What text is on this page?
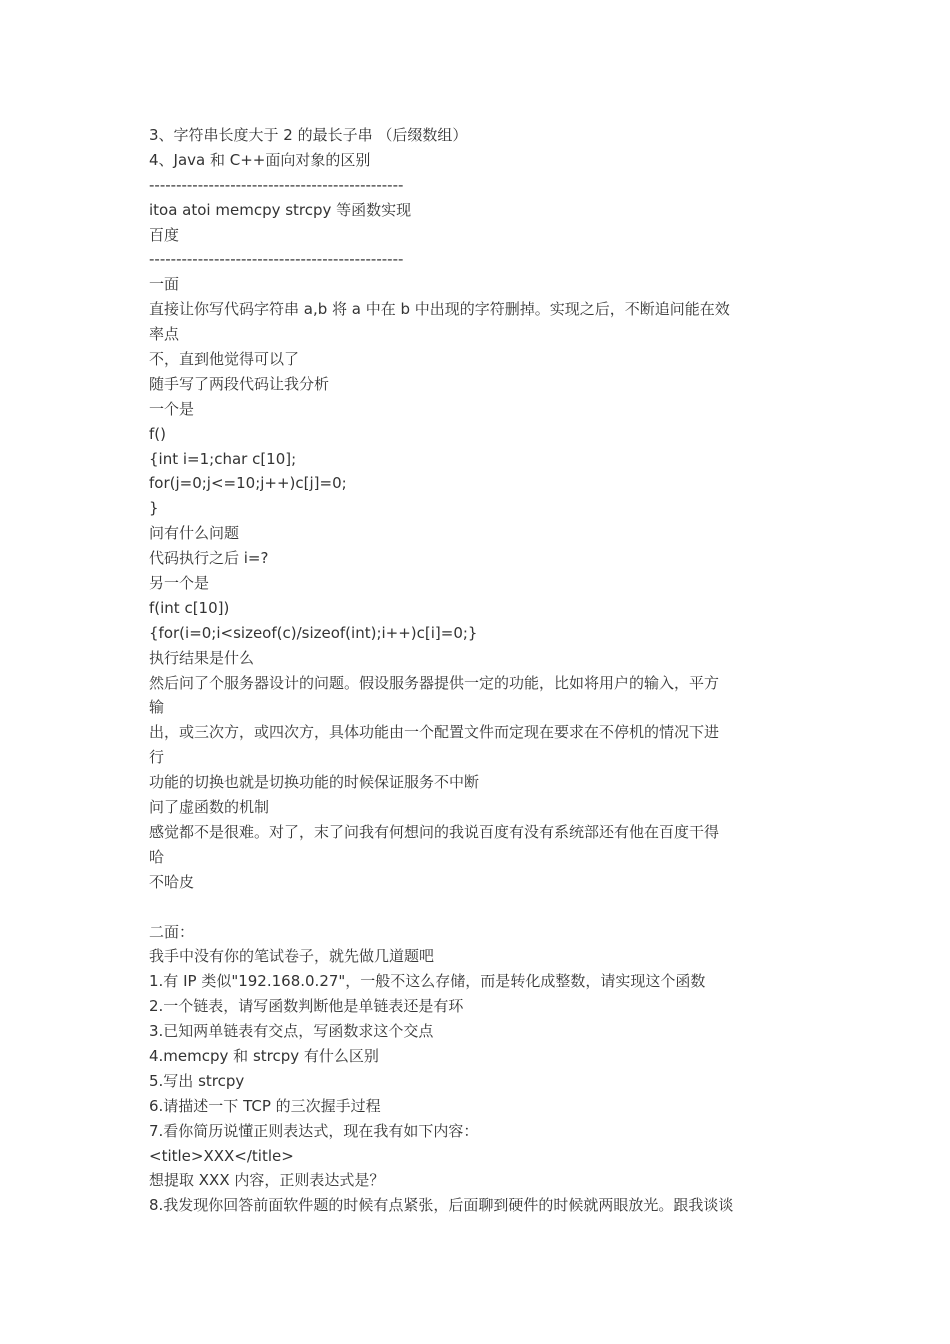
3、字符串长度大于 2 的最长子串 （后缀数组）
4、Java 和 C++面向对象的区别
-----------------------------------------------
itoa atoi memcpy strcpy 等函数实现
百度
-----------------------------------------------
一面
直接让你写代码字符串 a,b 将 a 中在 b 中出现的字符删掉。实现之后，不断追问能在效
率点
不，直到他觉得可以了
随手写了两段代码让我分析
一个是
f()
{int i=1;char c[10];
for(j=0;j<=10;j++)c[j]=0;
}
问有什么问题
代码执行之后 i=?
另一个是
f(int c[10])
{for(i=0;i<sizeof(c)/sizeof(int);i++)c[i]=0;}
执行结果是什么
然后问了个服务器设计的问题。假设服务器提供一定的功能，比如将用户的输入，平方
输
出，或三次方，或四次方，具体功能由一个配置文件而定现在要求在不停机的情况下进
行
功能的切换也就是切换功能的时候保证服务不中断
问了虚函数的机制
感觉都不是很难。对了，末了问我有何想问的我说百度有没有系统部还有他在百度干得
哈
不哈皮
二面：
我手中没有你的笔试卷子，就先做几道题吧
1.有 IP 类似"192.168.0.27"，一般不这么存储，而是转化成整数，请实现这个函数
2.一个链表，请写函数判断他是单链表还是有环
3.已知两单链表有交点，写函数求这个交点
4.memcpy 和 strcpy 有什么区别
5.写出 strcpy
6.请描述一下 TCP 的三次握手过程
7.看你简历说懂正则表达式，现在我有如下内容：
<title>XXX</title>
想提取 XXX 内容，正则表达式是？
8.我发现你回答前面软件题的时候有点紧张，后面聊到硬件的时候就两眼放光。跟我谈谈
